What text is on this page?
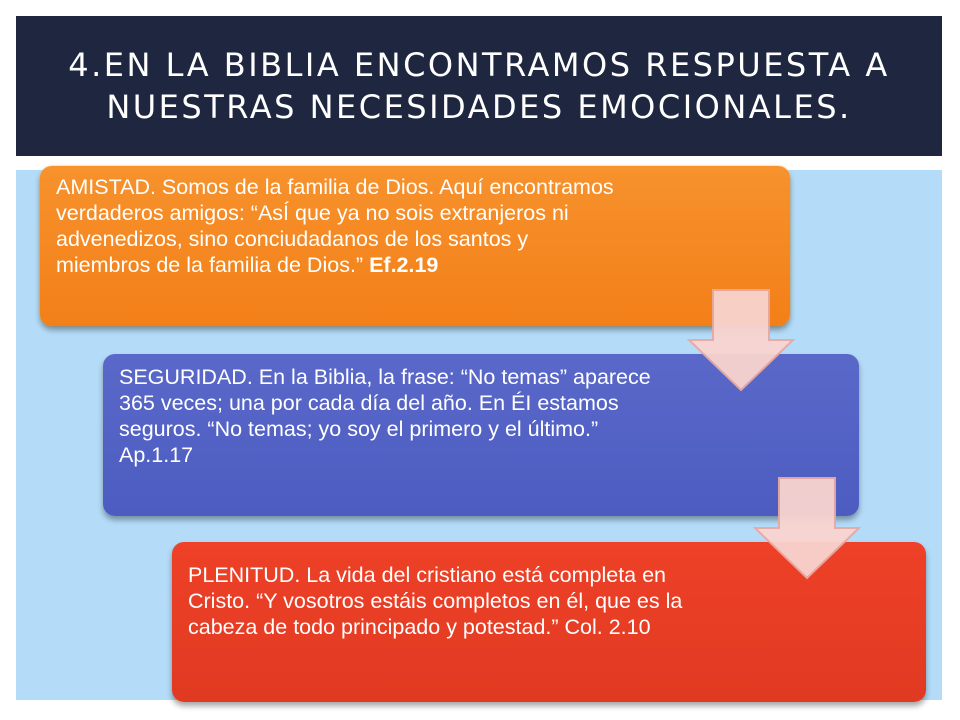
4.EN LA BIBLIA ENCONTRAMOS RESPUESTA A NUESTRAS NECESIDADES EMOCIONALES.
AMISTAD. Somos de la familia de Dios. Aquí encontramos verdaderos amigos: “AsÍ que ya no sois extranjeros ni advenedizos, sino conciudadanos de los santos y miembros de la familia de Dios.” Ef.2.19
SEGURIDAD. En la Biblia, la frase: “No temas” aparece 365 veces; una por cada día del año. En ÉI estamos seguros. “No temas; yo soy el primero y el último.” Ap.1.17
PLENITUD. La vida del cristiano está completa en Cristo. “Y vosotros estáis completos en él, que es la cabeza de todo principado y potestad.” Col. 2.10
